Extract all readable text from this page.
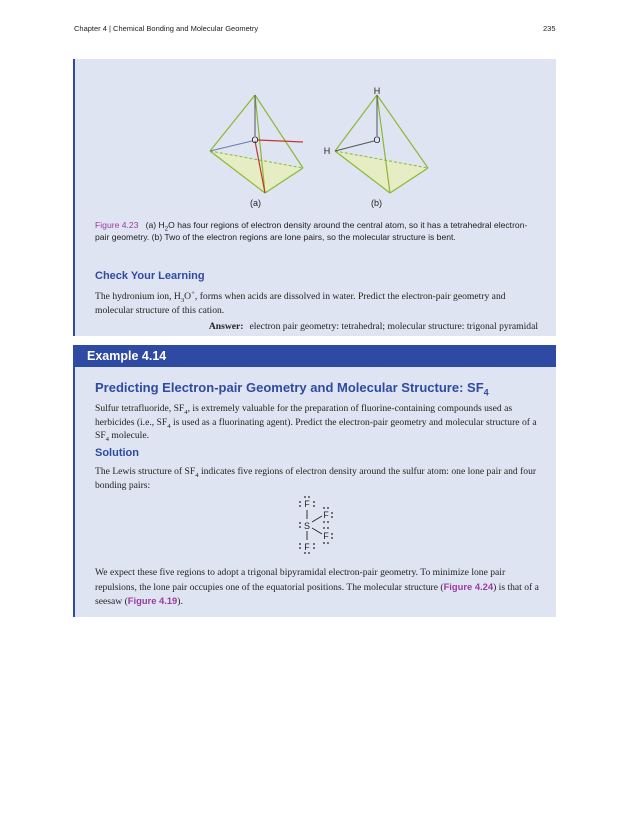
Chapter 4 | Chemical Bonding and Molecular Geometry	235
O	O
H
H
(a)	(b)
Figure 4.23 (a) $H_2O$ has four regions of electron density around the central atom, so it has a tetrahedral electron-pair geometry. (b) Two of the electron regions are lone pairs, so the molecular structure is bent.
Check Your Learning
The hydronium ion, $H_3O^+$, forms when acids are dissolved in water. Predict the electron-pair geometry and molecular structure of this cation.
Answer: electron pair geometry: tetrahedral; molecular structure: trigonal pyramidal
Example 4.14
Predicting Electron-pair Geometry and Molecular Structure: $SF_4$
Sulfur tetrafluoride, $SF_4$, is extremely valuable for the preparation of fluorine-containing compounds used as herbicides (i.e., $SF_4$ is used as a fluorinating agent). Predict the electron-pair geometry and molecular structure of a $SF_4$ molecule.
Solution
The Lewis structure of $SF_4$ indicates five regions of electron density around the sulfur atom: one lone pair and four bonding pairs:
F
S
F
F
F
We expect these five regions to adopt a trigonal bipyramidal electron-pair geometry. To minimize lone pair repulsions, the lone pair occupies one of the equatorial positions. The molecular structure (Figure 4.24) is that of a seesaw (Figure 4.19).
